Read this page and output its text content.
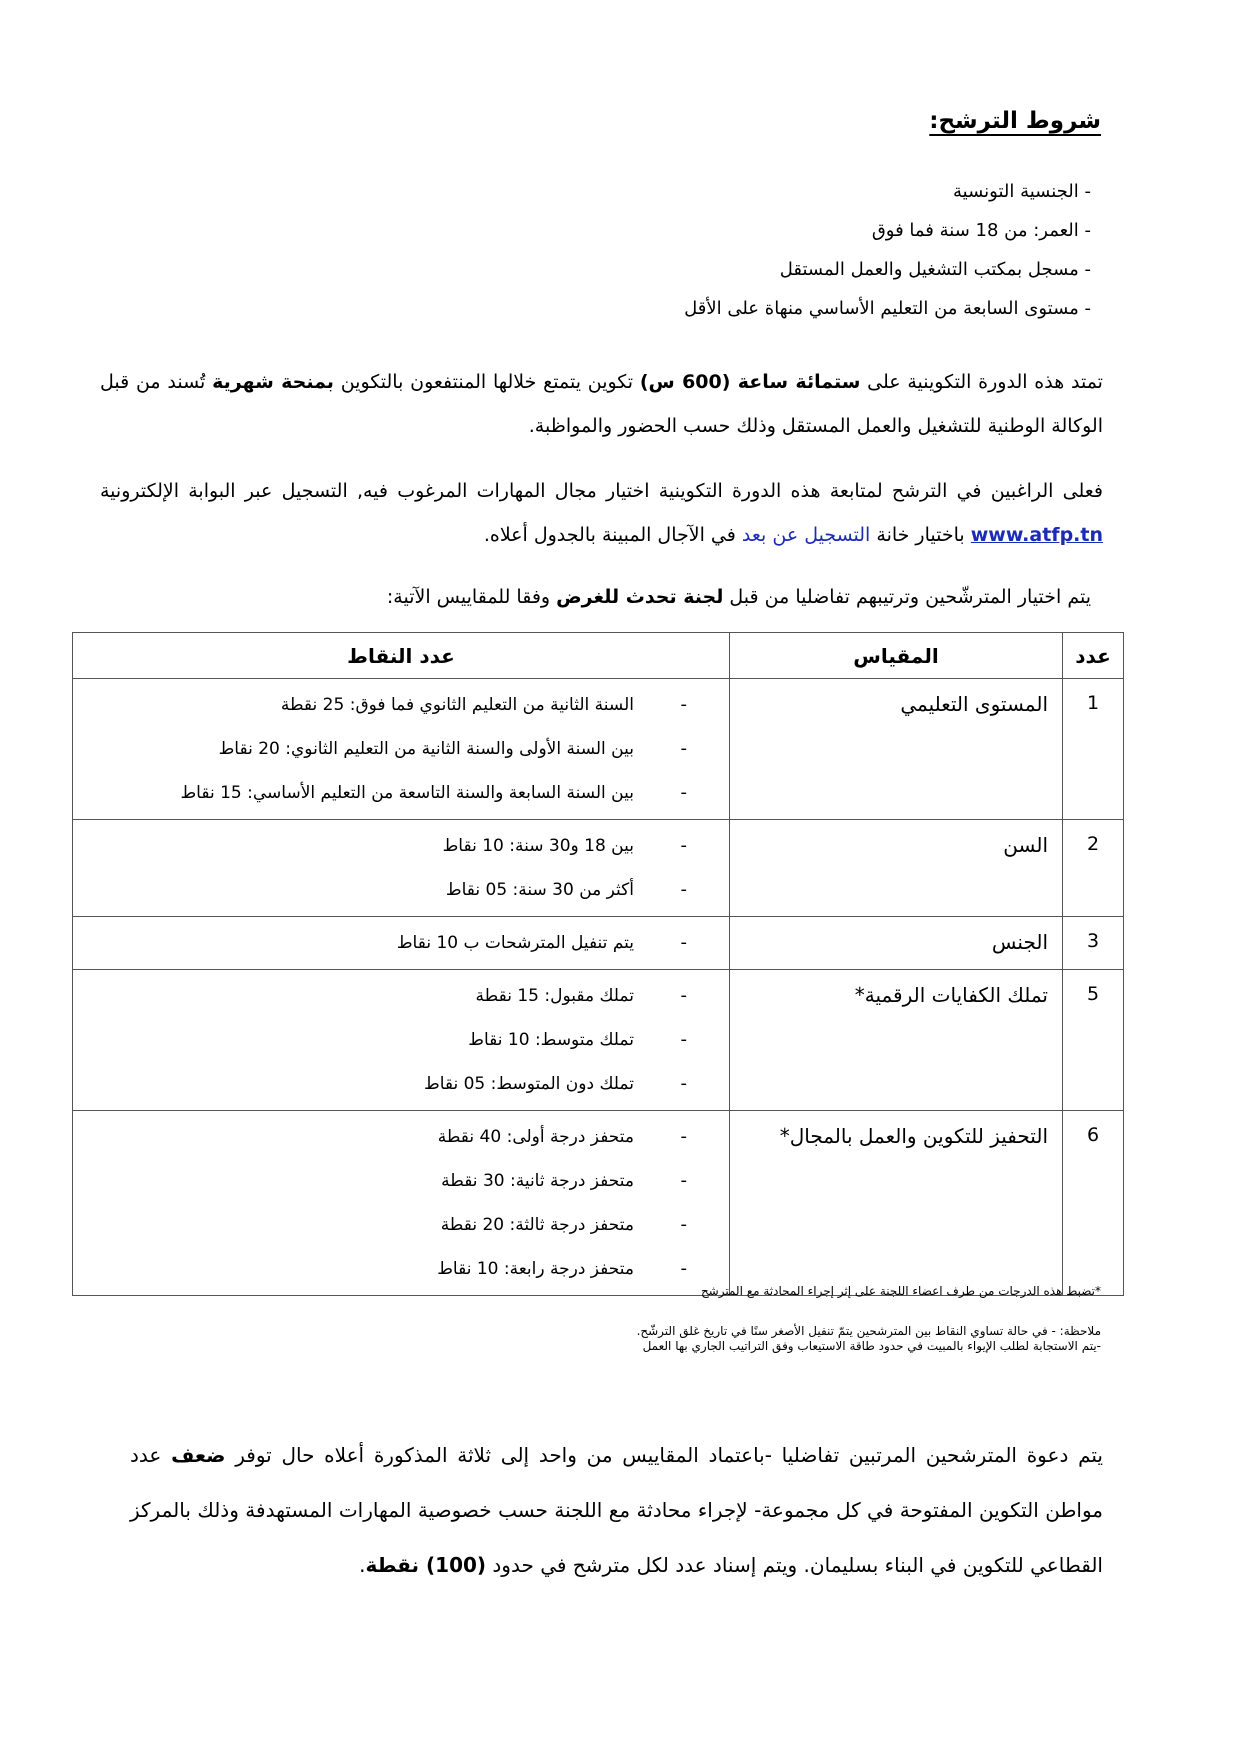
شروط الترشح:
- الجنسية التونسية
- العمر: من 18 سنة فما فوق
- مسجل بمكتب التشغيل والعمل المستقل
- مستوى السابعة من التعليم الأساسي منهاة على الأقل

تمتد هذه الدورة التكوينية على ستمائة ساعة (600 س) تكوين يتمتع خلالها المنتفعون بالتكوين بمنحة شهرية تُسند من قبل الوكالة الوطنية للتشغيل والعمل المستقل وذلك حسب الحضور والمواظبة.

فعلى الراغبين في الترشح لمتابعة هذه الدورة التكوينية اختيار مجال المهارات المرغوب فيه, التسجيل عبر البوابة الإلكترونية www.atfp.tn باختيار خانة التسجيل عن بعد في الآجال المبينة بالجدول أعلاه.

يتم اختيار المترشّحين وترتيبهم تفاضليا من قبل لجنة تحدث للغرض وفقا للمقاييس الآتية:
عدد	المقياس	عدد النقاط
1	المستوى التعليمي	- السنة الثانية من التعليم الثانوي فما فوق: 25 نقطة
- بين السنة الأولى والسنة الثانية من التعليم الثانوي: 20 نقاط
- بين السنة السابعة والسنة التاسعة من التعليم الأساسي: 15 نقاط

2	السن	- بين 18 و30 سنة: 10 نقاط
- أكثر من 30 سنة: 05 نقاط

3	الجنس	- يتم تنفيل المترشحات ب 10 نقاط

5	تملك الكفايات الرقمية*	- تملك مقبول: 15 نقطة
- تملك متوسط: 10 نقاط
- تملك دون المتوسط: 05 نقاط

6	التحفيز للتكوين والعمل بالمجال*	- متحفز درجة أولى: 40 نقطة
- متحفز درجة ثانية: 30 نقطة
- متحفز درجة ثالثة: 20 نقطة
- متحفز درجة رابعة: 10 نقاط
*تضبط هذه الدرجات من طرف اعضاء اللجنة على إثر إجراء المحادثة مع المترشح
ملاحظة: - في حالة تساوي النقاط بين المترشحين يتمّ تنفيل الأصغر سنًا في تاريخ غلق الترشّح.
-يتم الاستجابة لطلب الإيواء بالمبيت في حدود طاقة الاستيعاب وفق التراتيب الجاري بها العمل

يتم دعوة المترشحين المرتبين تفاضليا -باعتماد المقاييس من واحد إلى ثلاثة المذكورة أعلاه حال توفر ضعف عدد مواطن التكوين المفتوحة في كل مجموعة- لإجراء محادثة مع اللجنة حسب خصوصية المهارات المستهدفة وذلك بالمركز القطاعي للتكوين في البناء بسليمان. ويتم إسناد عدد لكل مترشح في حدود (100) نقطة.
